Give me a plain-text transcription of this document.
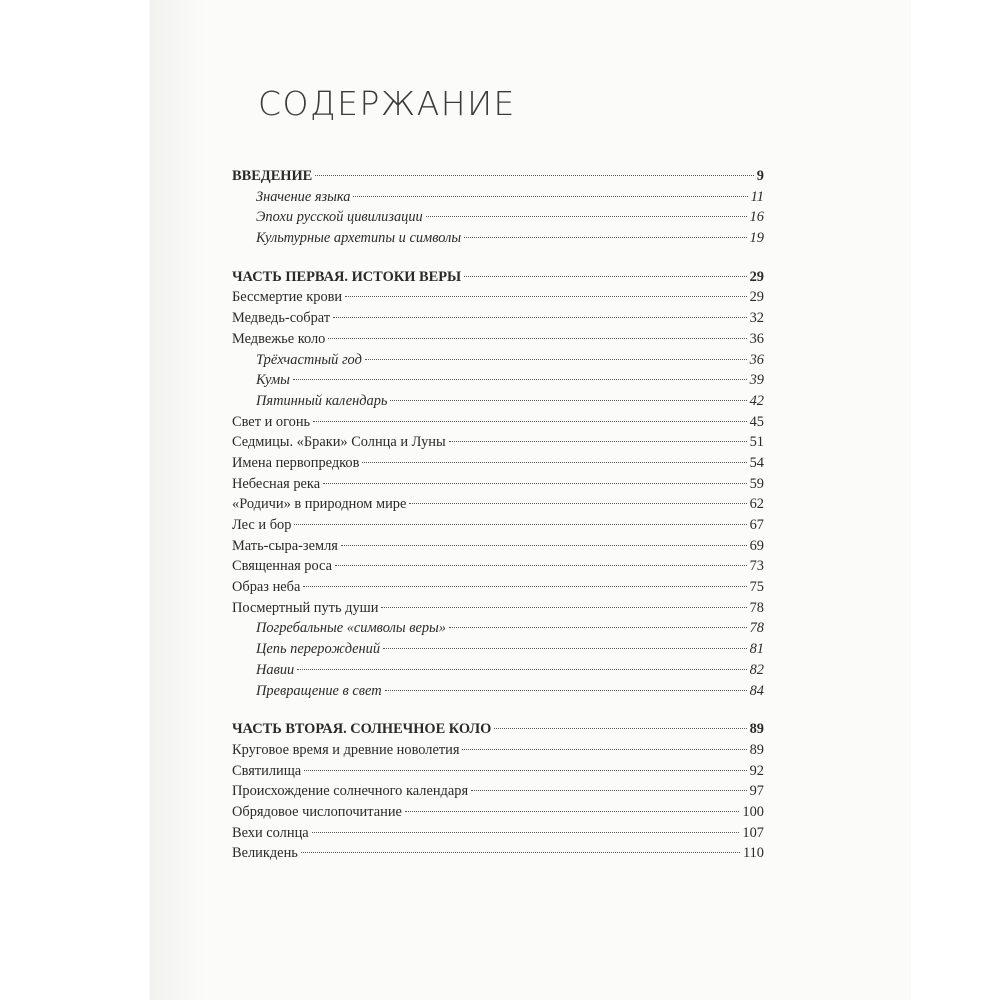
СОДЕРЖАНИЕ
ВВЕДЕНИЕ	9
Значение языка	11
Эпохи русской цивилизации	16
Культурные архетипы и символы	19
ЧАСТЬ ПЕРВАЯ. ИСТОКИ ВЕРЫ	29
Бессмертие крови	29
Медведь-собрат	32
Медвежье коло	36
Трёхчастный год	36
Кумы	39
Пятинный календарь	42
Свет и огонь	45
Седмицы. «Браки» Солнца и Луны	51
Имена первопредков	54
Небесная река	59
«Родичи» в природном мире	62
Лес и бор	67
Мать-сыра-земля	69
Священная роса	73
Образ неба	75
Посмертный путь души	78
Погребальные «символы веры»	78
Цепь перерождений	81
Навии	82
Превращение в свет	84
ЧАСТЬ ВТОРАЯ. СОЛНЕЧНОЕ КОЛО	89
Круговое время и древние новолетия	89
Святилища	92
Происхождение солнечного календаря	97
Обрядовое числопочитание	100
Вехи солнца	107
Великдень	110
